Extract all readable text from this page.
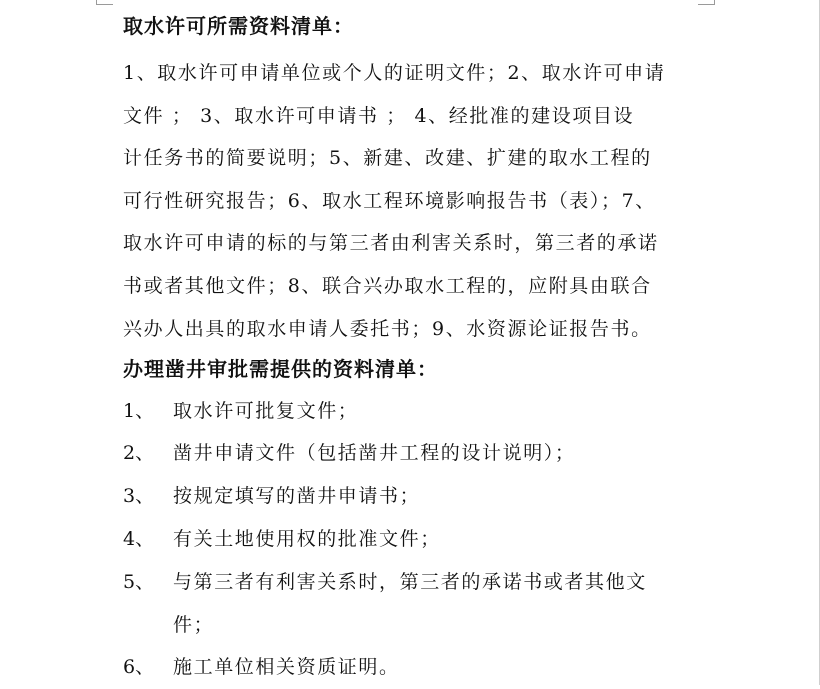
取水许可所需资料清单：
1、取水许可申请单位或个人的证明文件；2、取水许可申请
文件 ； 3、取水许可申请书 ； 4、经批准的建设项目设
计任务书的简要说明；5、新建、改建、扩建的取水工程的
可行性研究报告；6、取水工程环境影响报告书（表）；7、
取水许可申请的标的与第三者由利害关系时，第三者的承诺
书或者其他文件；8、联合兴办取水工程的，应附具由联合
兴办人出具的取水申请人委托书；9、水资源论证报告书。
办理凿井审批需提供的资料清单：
1、 取水许可批复文件；
2、 凿井申请文件（包括凿井工程的设计说明）；
3、 按规定填写的凿井申请书；
4、 有关土地使用权的批准文件；
5、 与第三者有利害关系时，第三者的承诺书或者其他文
件；
6、 施工单位相关资质证明。
